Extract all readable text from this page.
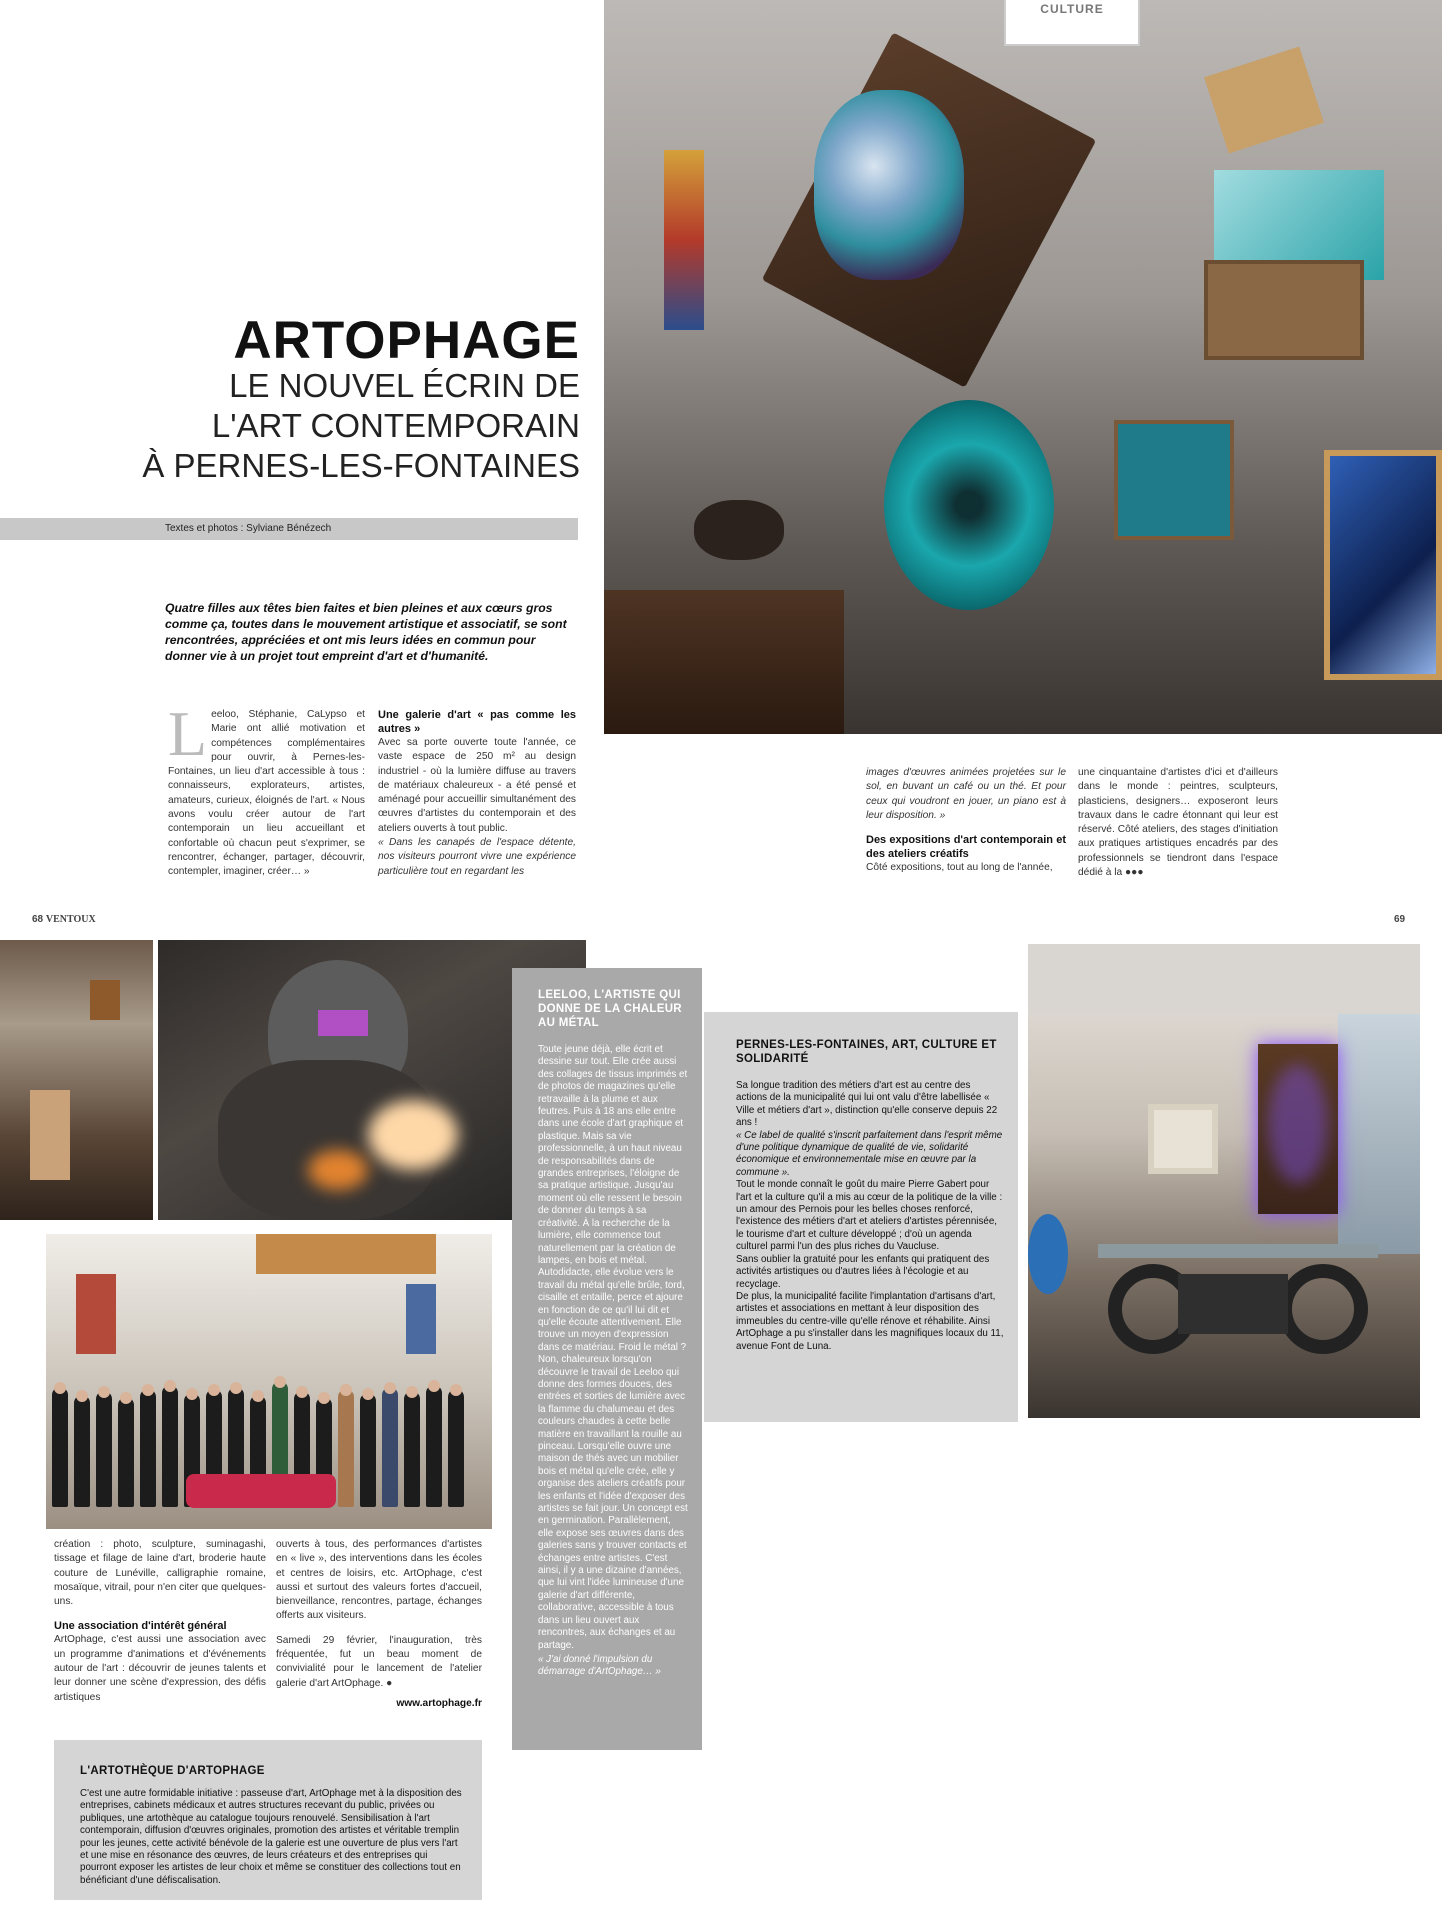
CULTURE
ARTOPHAGE
LE NOUVEL ÉCRIN DE
L'ART CONTEMPORAIN
À PERNES-LES-FONTAINES
Textes et photos : Sylviane Bénézech
Quatre filles aux têtes bien faites et bien pleines et aux cœurs gros comme ça, toutes dans le mouvement artistique et associatif, se sont rencontrées, appréciées et ont mis leurs idées en commun pour donner vie à un projet tout empreint d'art et d'humanité.
Leeloo, Stéphanie, CaLypso et Marie ont allié motivation et compétences complémentaires pour ouvrir, à Pernes-les-Fontaines, un lieu d'art accessible à tous : connaisseurs, explorateurs, artistes, amateurs, curieux, éloignés de l'art. « Nous avons voulu créer autour de l'art contemporain un lieu accueillant et confortable où chacun peut s'exprimer, se rencontrer, échanger, partager, découvrir, contempler, imaginer, créer… »
Une galerie d'art « pas comme les autres »
Avec sa porte ouverte toute l'année, ce vaste espace de 250 m² au design industriel - où la lumière diffuse au travers de matériaux chaleureux - a été pensé et aménagé pour accueillir simultanément des œuvres d'artistes du contemporain et des ateliers ouverts à tout public.
« Dans les canapés de l'espace détente, nos visiteurs pourront vivre une expérience particulière tout en regardant les
images d'œuvres animées projetées sur le sol, en buvant un café ou un thé. Et pour ceux qui voudront en jouer, un piano est à leur disposition. »
Des expositions d'art contemporain et des ateliers créatifs
Côté expositions, tout au long de l'année,
une cinquantaine d'artistes d'ici et d'ailleurs dans le monde : peintres, sculpteurs, plasticiens, designers… exposeront leurs travaux dans le cadre étonnant qui leur est réservé. Côté ateliers, des stages d'initiation aux pratiques artistiques encadrés par des professionnels se tiendront dans l'espace dédié à la ●●●
68 VENTOUX	69
LEELOO, L'ARTISTE QUI DONNE DE LA CHALEUR AU MÉTAL
Toute jeune déjà, elle écrit et dessine sur tout. Elle crée aussi des collages de tissus imprimés et de photos de magazines qu'elle retravaille à la plume et aux feutres. Puis à 18 ans elle entre dans une école d'art graphique et plastique. Mais sa vie professionnelle, à un haut niveau de responsabilités dans de grandes entreprises, l'éloigne de sa pratique artistique. Jusqu'au moment où elle ressent le besoin de donner du temps à sa créativité. À la recherche de la lumière, elle commence tout naturellement par la création de lampes, en bois et métal. Autodidacte, elle évolue vers le travail du métal qu'elle brûle, tord, cisaille et entaille, perce et ajoure en fonction de ce qu'il lui dit et qu'elle écoute attentivement. Elle trouve un moyen d'expression dans ce matériau. Froid le métal ? Non, chaleureux lorsqu'on découvre le travail de Leeloo qui donne des formes douces, des entrées et sorties de lumière avec la flamme du chalumeau et des couleurs chaudes à cette belle matière en travaillant la rouille au pinceau. Lorsqu'elle ouvre une maison de thés avec un mobilier bois et métal qu'elle crée, elle y organise des ateliers créatifs pour les enfants et l'idée d'exposer des artistes se fait jour. Un concept est en germination. Parallèlement, elle expose ses œuvres dans des galeries sans y trouver contacts et échanges entre artistes. C'est ainsi, il y a une dizaine d'années, que lui vint l'idée lumineuse d'une galerie d'art différente, collaborative, accessible à tous dans un lieu ouvert aux rencontres, aux échanges et au partage.
« J'ai donné l'impulsion du démarrage d'ArtOphage… »
PERNES-LES-FONTAINES, ART, CULTURE ET SOLIDARITÉ
Sa longue tradition des métiers d'art est au centre des actions de la municipalité qui lui ont valu d'être labellisée « Ville et métiers d'art », distinction qu'elle conserve depuis 22 ans !
« Ce label de qualité s'inscrit parfaitement dans l'esprit même d'une politique dynamique de qualité de vie, solidarité économique et environnementale mise en œuvre par la commune ».
Tout le monde connaît le goût du maire Pierre Gabert pour l'art et la culture qu'il a mis au cœur de la politique de la ville : un amour des Pernois pour les belles choses renforcé, l'existence des métiers d'art et ateliers d'artistes pérennisée, le tourisme d'art et culture développé ; d'où un agenda culturel parmi l'un des plus riches du Vaucluse.
Sans oublier la gratuité pour les enfants qui pratiquent des activités artistiques ou d'autres liées à l'écologie et au recyclage.
De plus, la municipalité facilite l'implantation d'artisans d'art, artistes et associations en mettant à leur disposition des immeubles du centre-ville qu'elle rénove et réhabilite. Ainsi ArtOphage a pu s'installer dans les magnifiques locaux du 11, avenue Font de Luna.
création : photo, sculpture, suminagashi, tissage et filage de laine d'art, broderie haute couture de Lunéville, calligraphie romaine, mosaïque, vitrail, pour n'en citer que quelques-uns.
Une association d'intérêt général
ArtOphage, c'est aussi une association avec un programme d'animations et d'événements autour de l'art : découvrir de jeunes talents et leur donner une scène d'expression, des défis artistiques
ouverts à tous, des performances d'artistes en « live », des interventions dans les écoles et centres de loisirs, etc. ArtOphage, c'est aussi et surtout des valeurs fortes d'accueil, bienveillance, rencontres, partage, échanges offerts aux visiteurs.
Samedi 29 février, l'inauguration, très fréquentée, fut un beau moment de convivialité pour le lancement de l'atelier galerie d'art ArtOphage. ●
www.artophage.fr
L'ARTOTHÈQUE D'ARTOPHAGE
C'est une autre formidable initiative : passeuse d'art, ArtOphage met à la disposition des entreprises, cabinets médicaux et autres structures recevant du public, privées ou publiques, une artothèque au catalogue toujours renouvelé. Sensibilisation à l'art contemporain, diffusion d'œuvres originales, promotion des artistes et véritable tremplin pour les jeunes, cette activité bénévole de la galerie est une ouverture de plus vers l'art et une mise en résonance des œuvres, de leurs créateurs et des entreprises qui pourront exposer les artistes de leur choix et même se constituer des collections tout en bénéficiant d'une défiscalisation.
